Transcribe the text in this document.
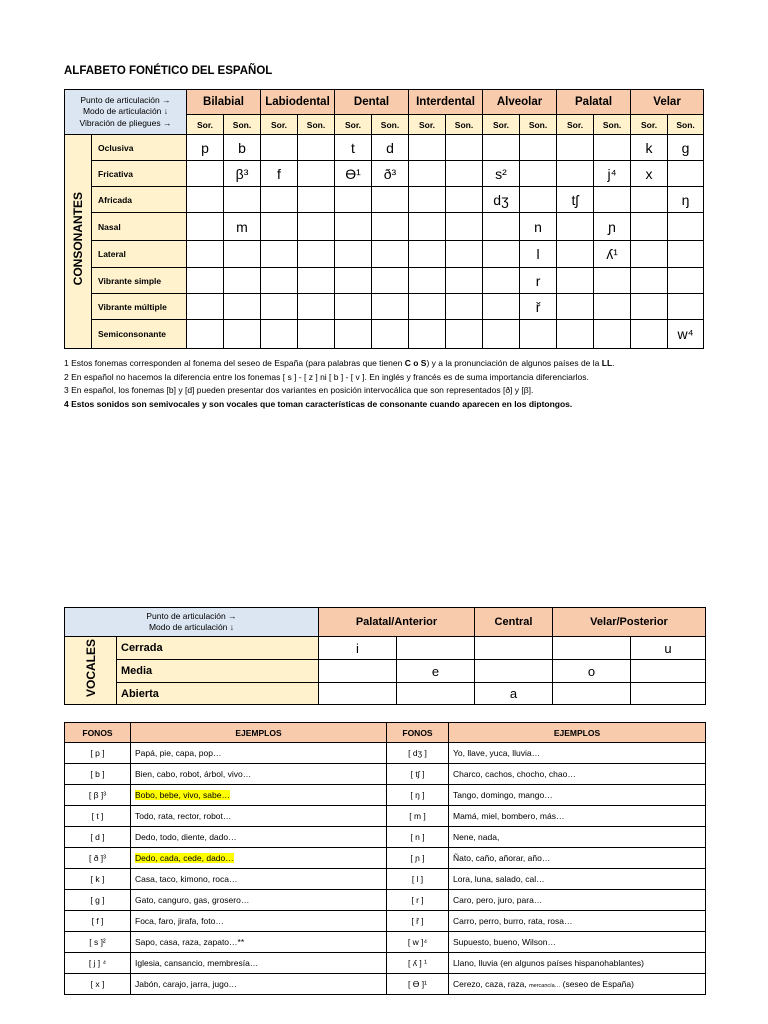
ALFABETO FONÉTICO DEL ESPAÑOL
Punto de articulación →
Modo de articulación ↓
Vibración de pliegues →		Bilabial		Labiodental		Dental		Interdental		Alveolar		Palatal		Velar	
		Sor.	Son.	Sor.	Son.	Sor.	Son.	Sor.	Son.	Sor.	Son.	Sor.	Son.	Sor.	Son.
CONSONANTES	Oclusiva	p	b			t	d							k	g
	Fricativa		β³	f		ϴ¹	ð³			s²			j⁴	x	
	Africada									dʒ		tʃ			ŋ
	Nasal		m								n		ɲ		
	Lateral										l		ʎ¹		
	Vibrante simple										r				
	Vibrante múltiple										ř				
	Semiconsonante														w⁴
1 Estos fonemas corresponden al fonema del seseo de España (para palabras que tienen C o S) y a la pronunciación de algunos países de la LL.
2 En español no hacemos la diferencia entre los fonemas [ s ] - [ z ] ni [ b ] - [ v ]. En inglés y francés es de suma importancia diferenciarlos.
3 En español, los fonemas [b] y [d] pueden presentar dos variantes en posición intervocálica que son representados [ð] y [β].
4 Estos sonidos son semivocales y son vocales que toman características de consonante cuando aparecen en los diptongos.
Punto de articulación →
Modo de articulación ↓		Palatal/Anterior		Central	Velar/Posterior	
VOCALES	Cerrada	i				u
	Media		e		o	
	Abierta			a		
FONOS	EJEMPLOS	FONOS	EJEMPLOS
[ p ]	Papá, pie, capa, pop…	[ dʒ ]	Yo, llave, yuca, lluvia…
[ b ]	Bien, cabo, robot, árbol, vivo…	[ tʃ ]	Charco, cachos, chocho, chao…
[ β ]³	Bobo, bebe, vivo, sabe…	[ ŋ ]	Tango, domingo, mango…
[ t ]	Todo, rata, rector, robot…	[ m ]	Mamá, miel, bombero, más…
[ d ]	Dedo, todo, diente, dado…	[ n ]	Nene, nada,
[ ð ]³	Dedo, cada, cede, dado…	[ ɲ ]	Ñato, caño, añorar, año…
[ k ]	Casa, taco, kimono, roca…	[ l ]	Lora, luna, salado, cal…
[ g ]	Gato, canguro, gas, grosero…	[ r ]	Caro, pero, juro, para…
[ f ]	Foca, faro, jirafa, foto…	[ ř ]	Carro, perro, burro, rata, rosa…
[ s ]²	Sapo, casa, raza, zapato…**	[ w ]⁴	Supuesto, bueno, Wilson…
[ j ] ⁴	Iglesia, cansancio, membresía…	[ ʎ ] ¹	Llano, lluvia (en algunos países hispanohablantes)
[ x ]	Jabón, carajo, jarra, jugo…	[ ϴ ]¹	Cerezo, caza, raza, mercancía… (seseo de España)
